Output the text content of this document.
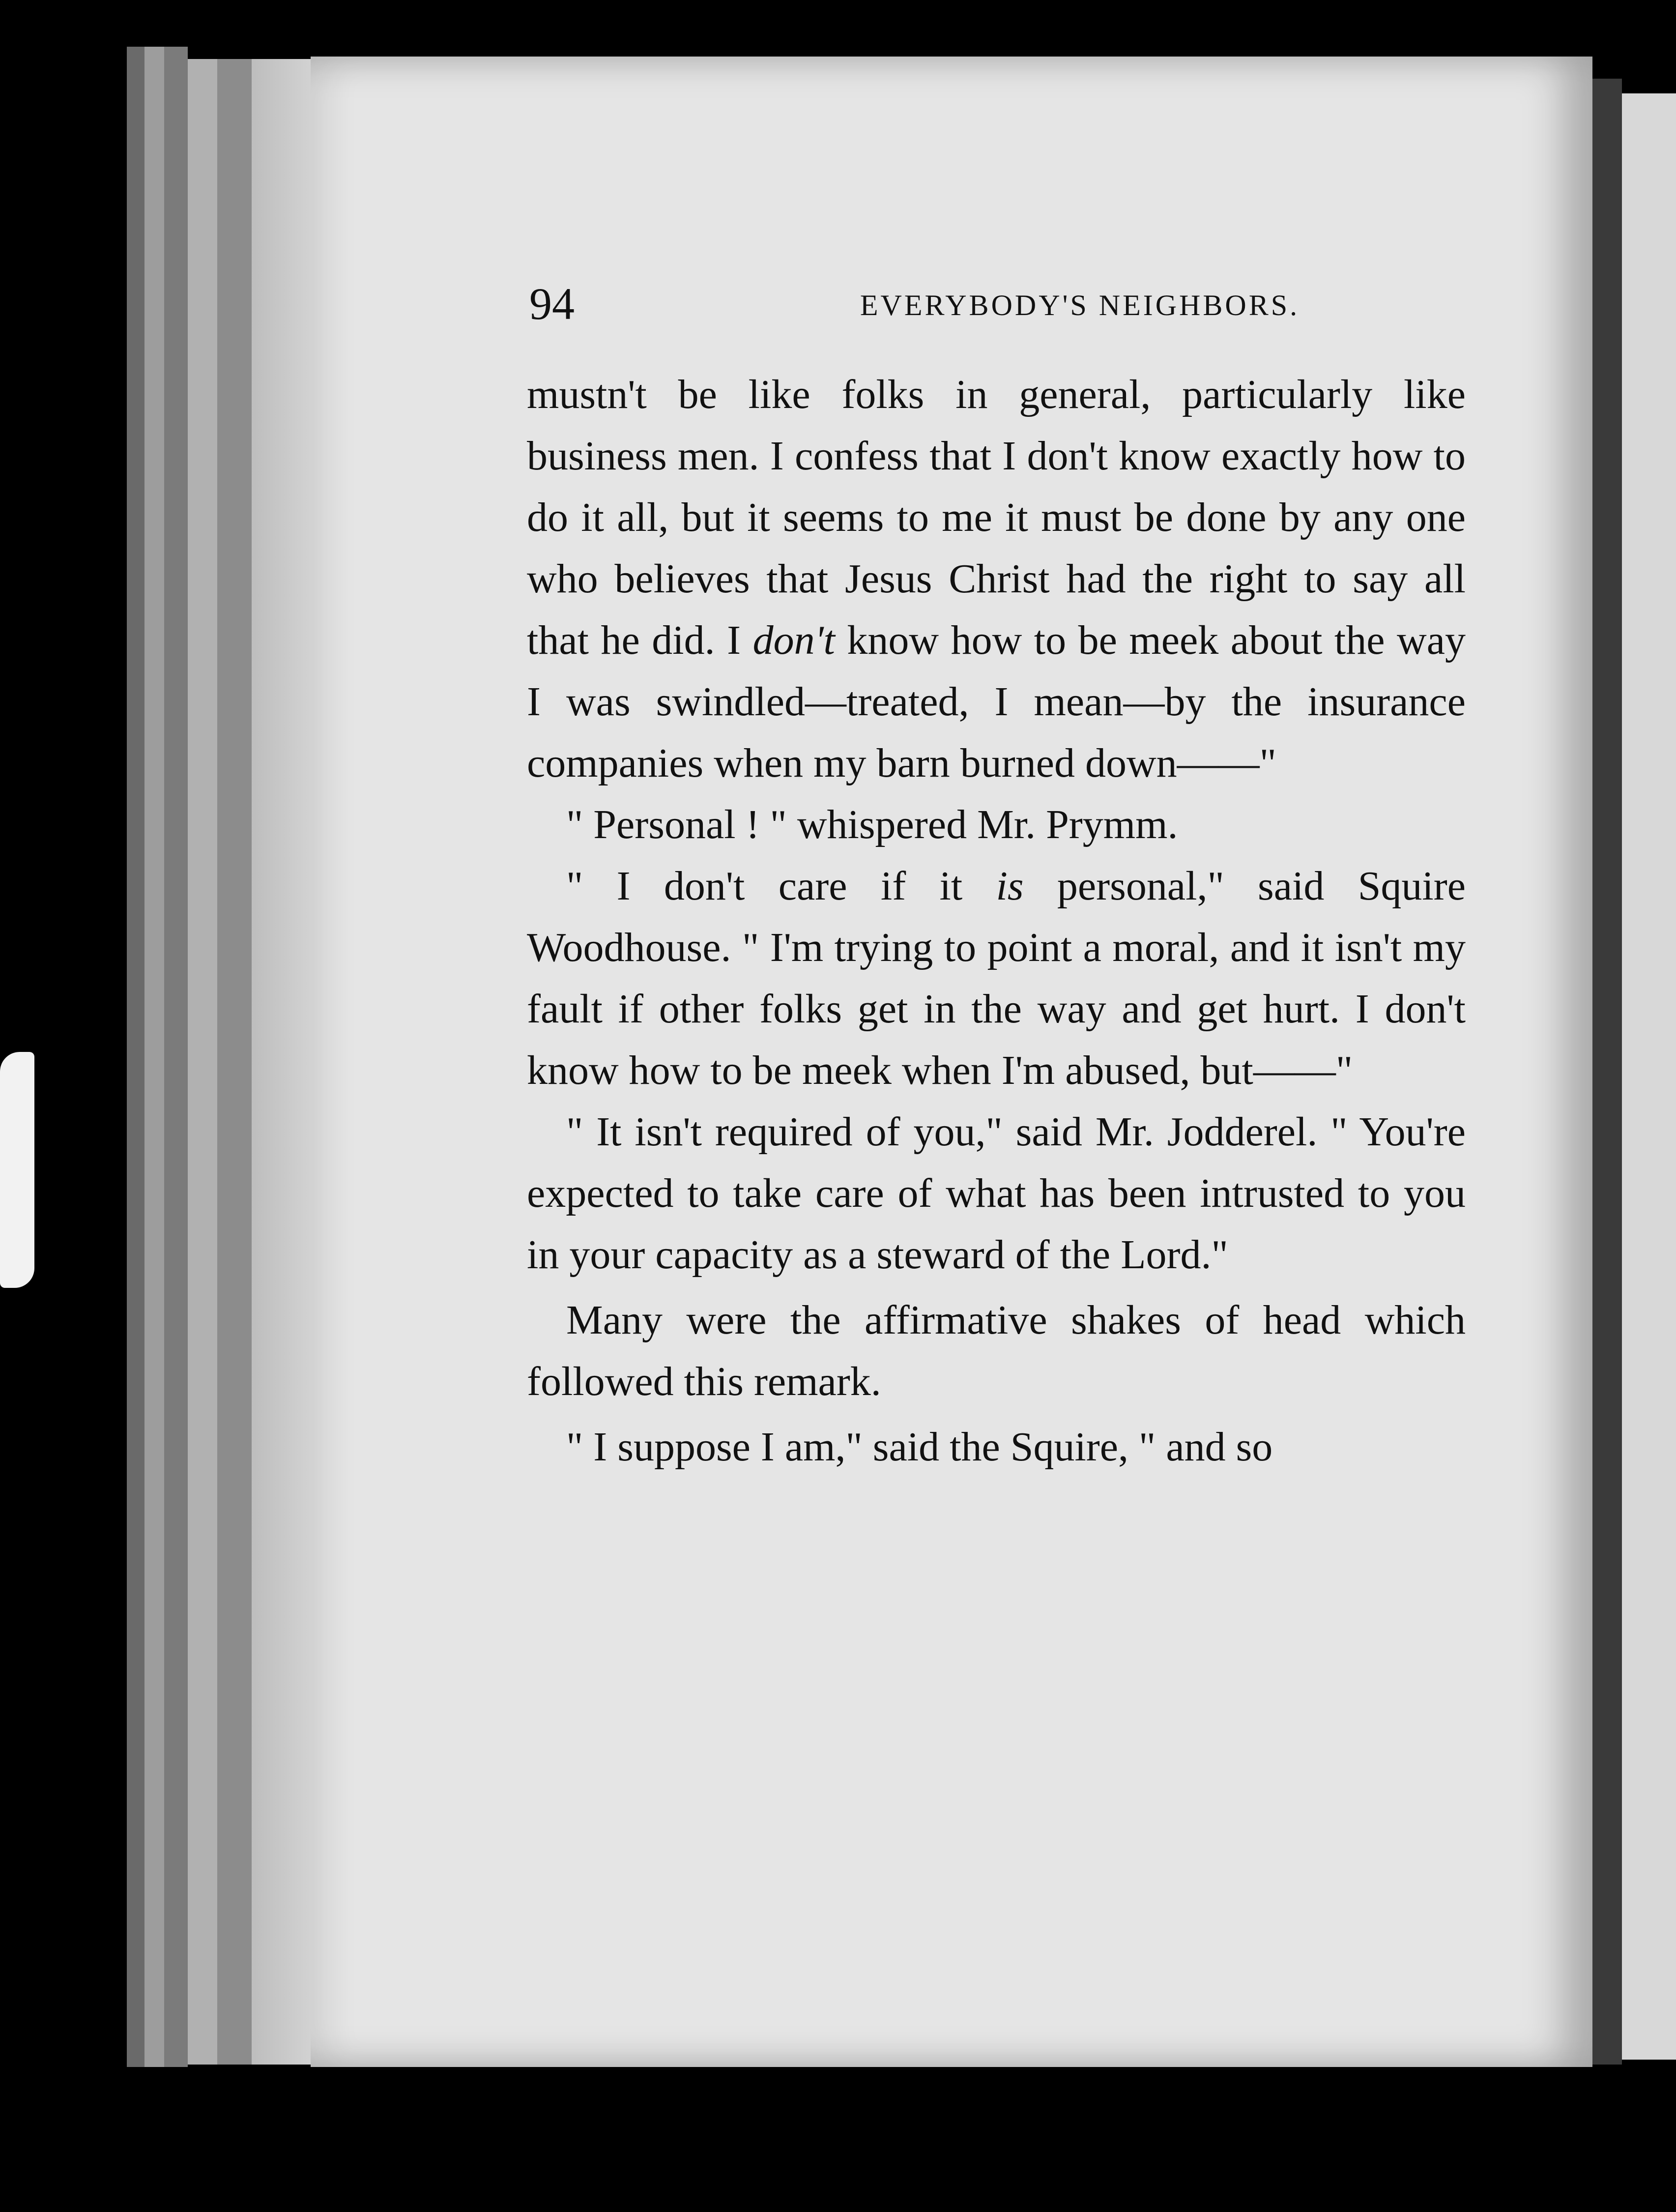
94	EVERYBODY'S NEIGHBORS.

mustn't be like folks in general, particularly like business men. I confess that I don't know exactly how to do it all, but it seems to me it must be done by any one who believes that Jesus Christ had the right to say all that he did. I don't know how to be meek about the way I was swindled—treated, I mean—by the insurance companies when my barn burned down——"

" Personal ! " whispered Mr. Prymm.

" I don't care if it is personal," said Squire Woodhouse. " I'm trying to point a moral, and it isn't my fault if other folks get in the way and get hurt. I don't know how to be meek when I'm abused, but——"

" It isn't required of you," said Mr. Jodderel. " You're expected to take care of what has been intrusted to you in your capacity as a steward of the Lord."

Many were the affirmative shakes of head which followed this remark.

" I suppose I am," said the Squire, " and so
